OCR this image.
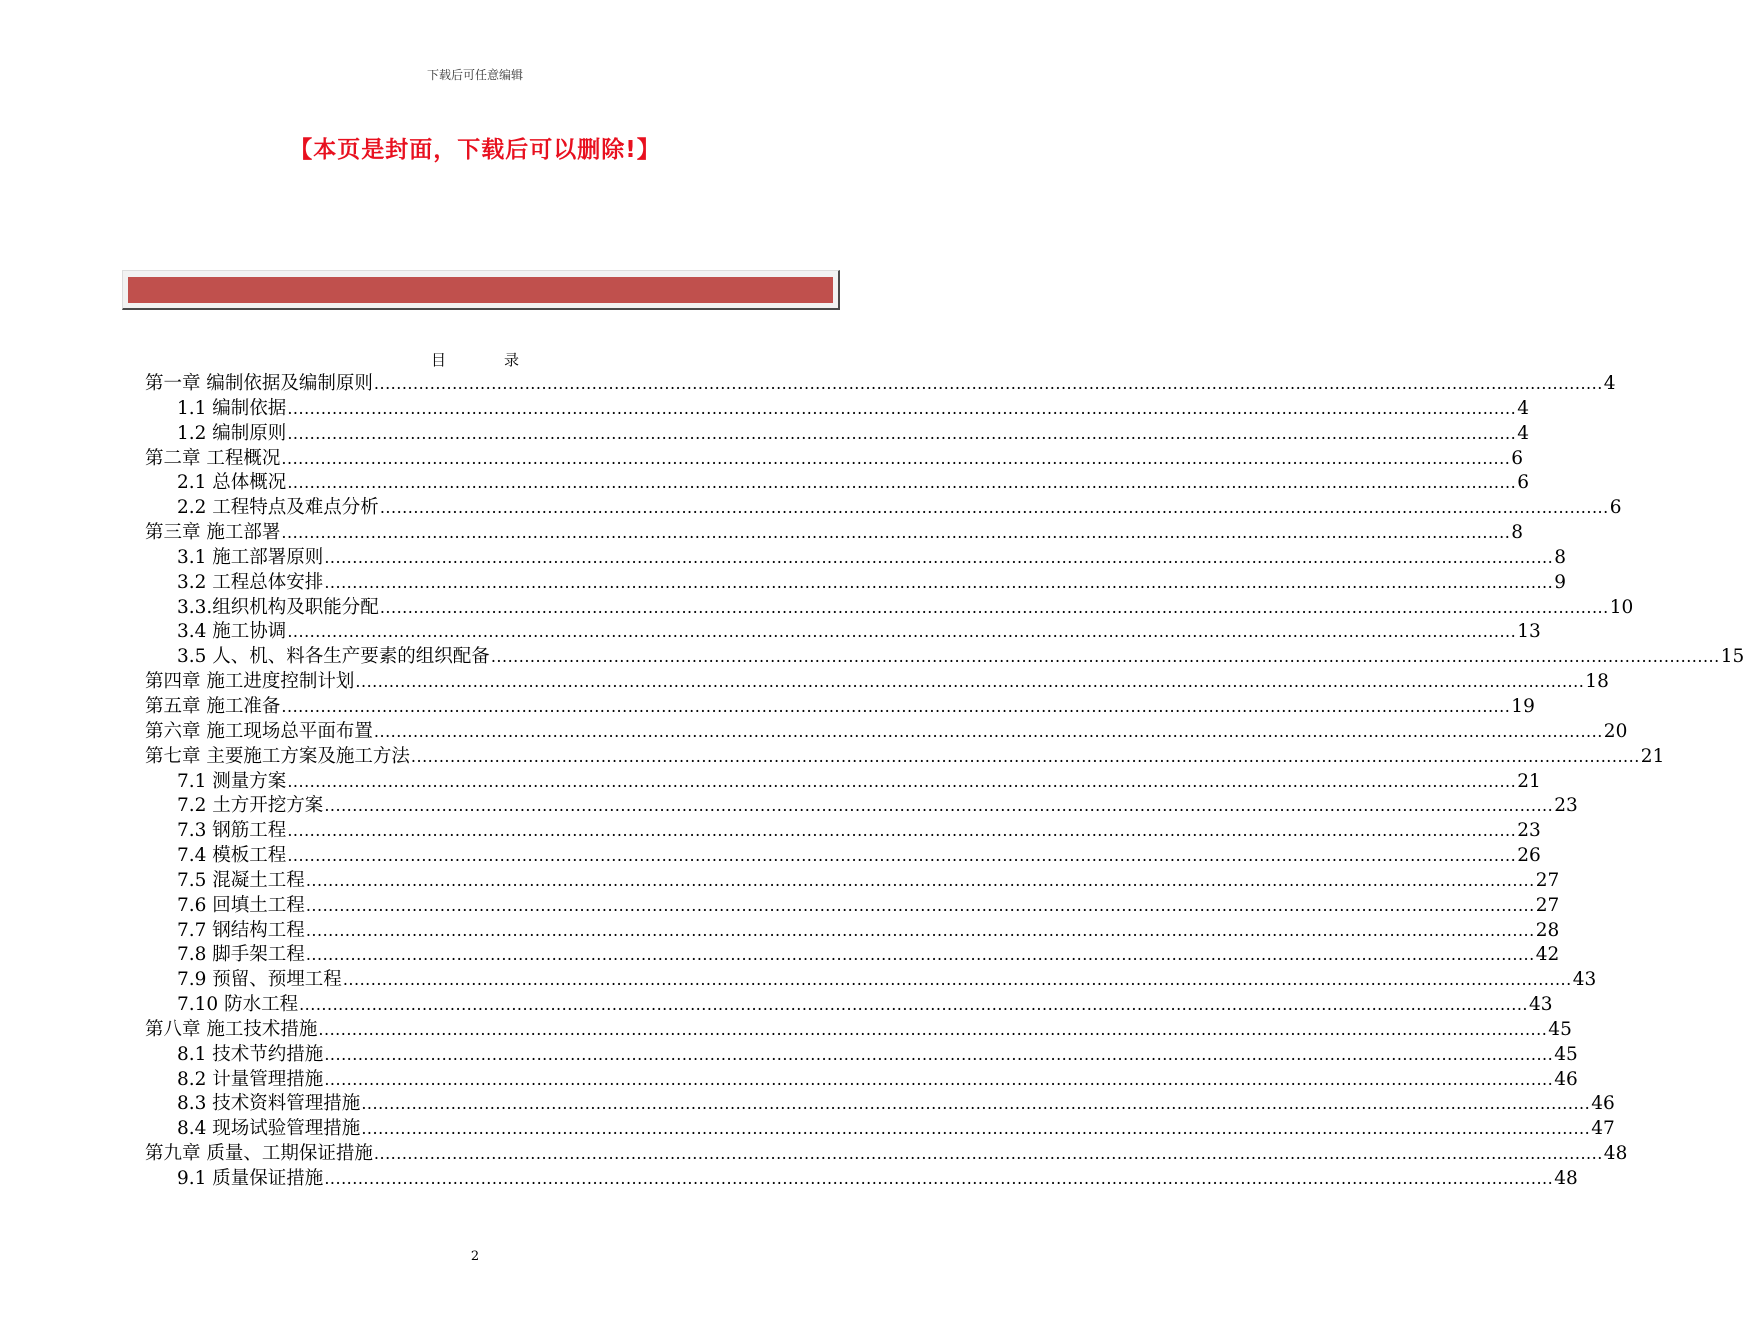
下载后可任意编辑
【本页是封面，下载后可以删除!】
目	录
第一章 编制依据及编制原则 ............................................................................................................................................................................................................................ 4
1.1 编制依据 ............................................................................................................................................................................................................................ 4
1.2 编制原则 ............................................................................................................................................................................................................................ 4
第二章 工程概况 ............................................................................................................................................................................................................................ 6
2.1 总体概况 ............................................................................................................................................................................................................................ 6
2.2 工程特点及难点分析 ............................................................................................................................................................................................................................ 6
第三章 施工部署 ............................................................................................................................................................................................................................ 8
3.1 施工部署原则 ............................................................................................................................................................................................................................ 8
3.2 工程总体安排 ............................................................................................................................................................................................................................ 9
3.3.组织机构及职能分配 ............................................................................................................................................................................................................................ 10
3.4 施工协调 ............................................................................................................................................................................................................................ 13
3.5 人、机、料各生产要素的组织配备 ............................................................................................................................................................................................................................ 15
第四章 施工进度控制计划 ............................................................................................................................................................................................................................ 18
第五章 施工准备 ............................................................................................................................................................................................................................ 19
第六章 施工现场总平面布置 ............................................................................................................................................................................................................................ 20
第七章 主要施工方案及施工方法 ............................................................................................................................................................................................................................ 21
7.1 测量方案 ............................................................................................................................................................................................................................ 21
7.2 土方开挖方案 ............................................................................................................................................................................................................................ 23
7.3 钢筋工程 ............................................................................................................................................................................................................................ 23
7.4 模板工程 ............................................................................................................................................................................................................................ 26
7.5 混凝土工程 ............................................................................................................................................................................................................................ 27
7.6 回填土工程 ............................................................................................................................................................................................................................ 27
7.7 钢结构工程 ............................................................................................................................................................................................................................ 28
7.8 脚手架工程 ............................................................................................................................................................................................................................ 42
7.9 预留、预埋工程 ............................................................................................................................................................................................................................ 43
7.10 防水工程 ............................................................................................................................................................................................................................ 43
第八章 施工技术措施 ............................................................................................................................................................................................................................ 45
8.1 技术节约措施 ............................................................................................................................................................................................................................ 45
8.2 计量管理措施 ............................................................................................................................................................................................................................ 46
8.3 技术资料管理措施 ............................................................................................................................................................................................................................ 46
8.4 现场试验管理措施 ............................................................................................................................................................................................................................ 47
第九章 质量、工期保证措施 ............................................................................................................................................................................................................................ 48
9.1 质量保证措施 ............................................................................................................................................................................................................................ 48
2
